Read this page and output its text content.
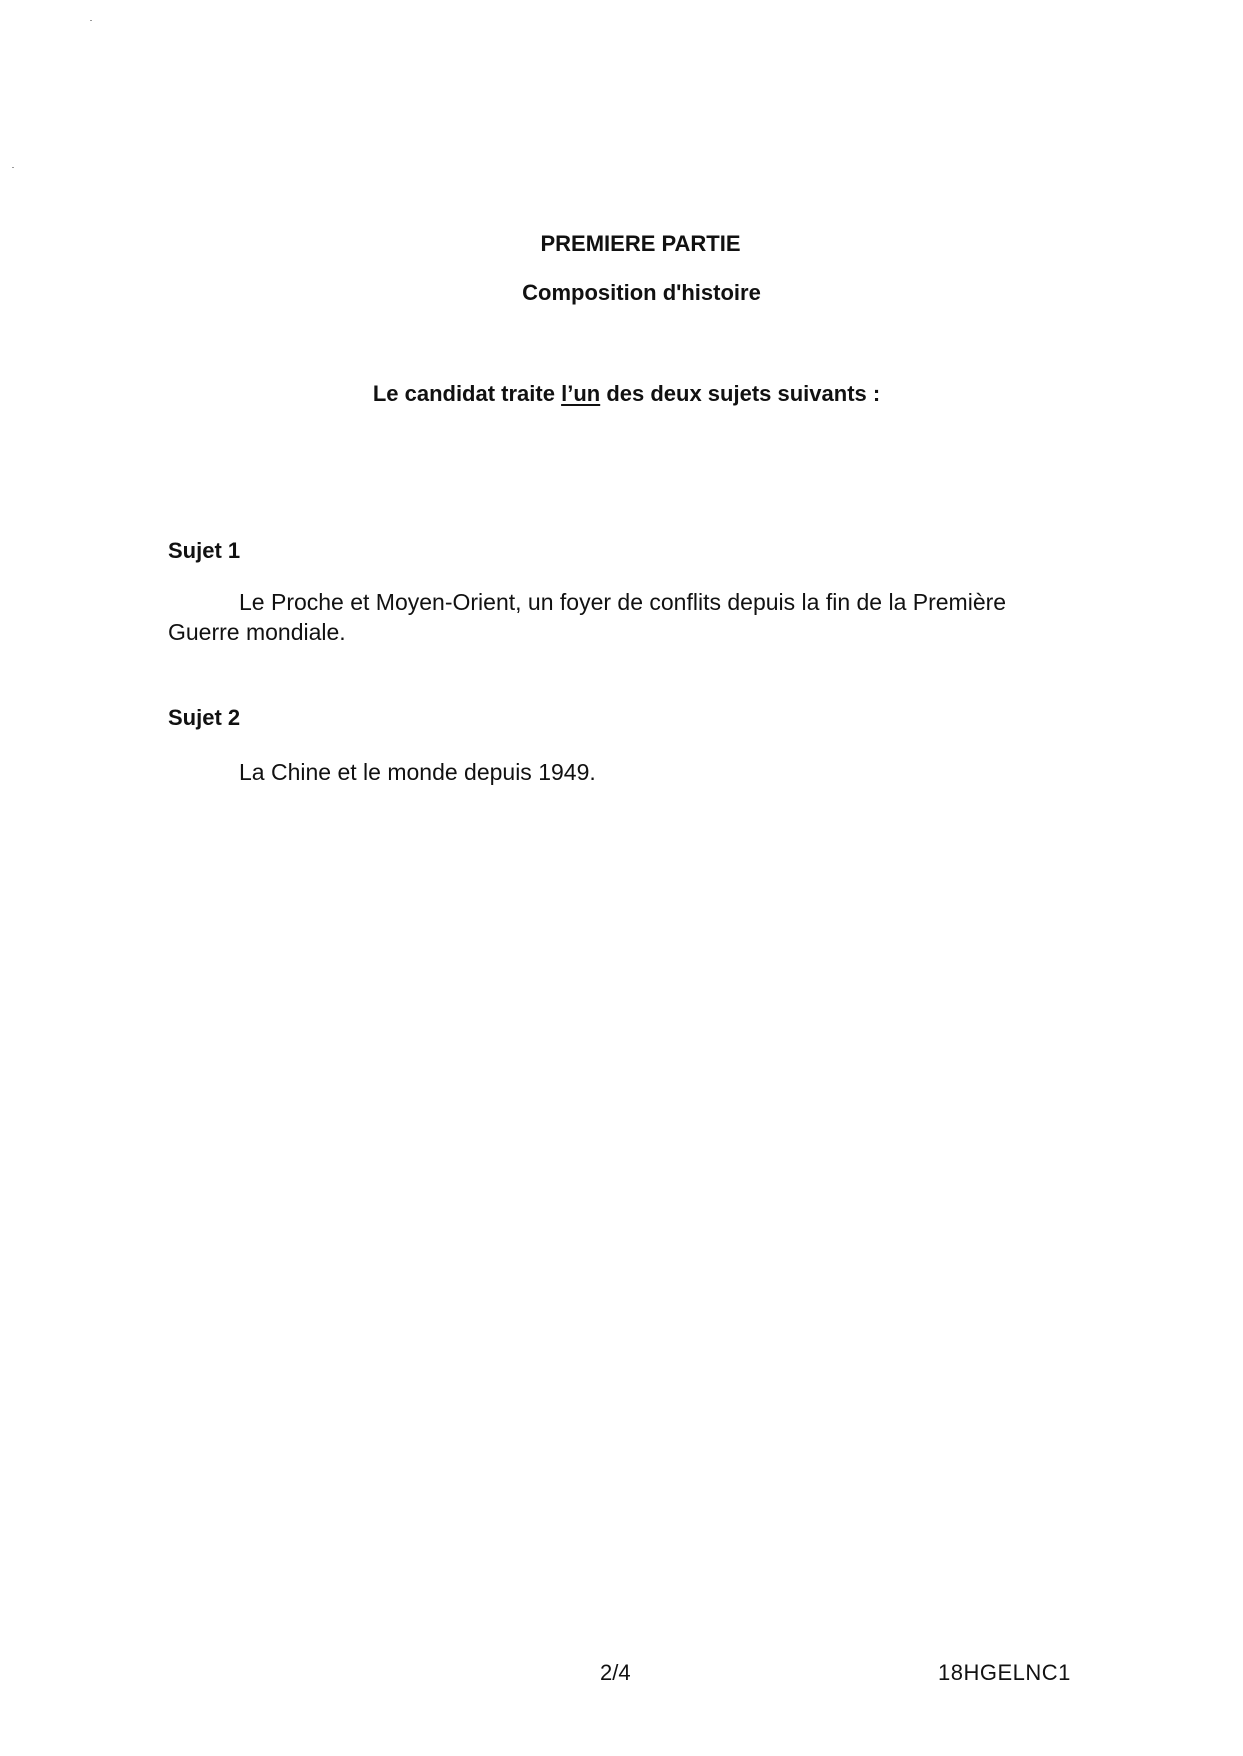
PREMIERE PARTIE
Composition d'histoire
Le candidat traite l’un des deux sujets suivants :
Sujet 1
Le Proche et Moyen-Orient, un foyer de conflits depuis la fin de la Première Guerre mondiale.
Sujet 2
La Chine et le monde depuis 1949.
2/4	18HGELNC1
